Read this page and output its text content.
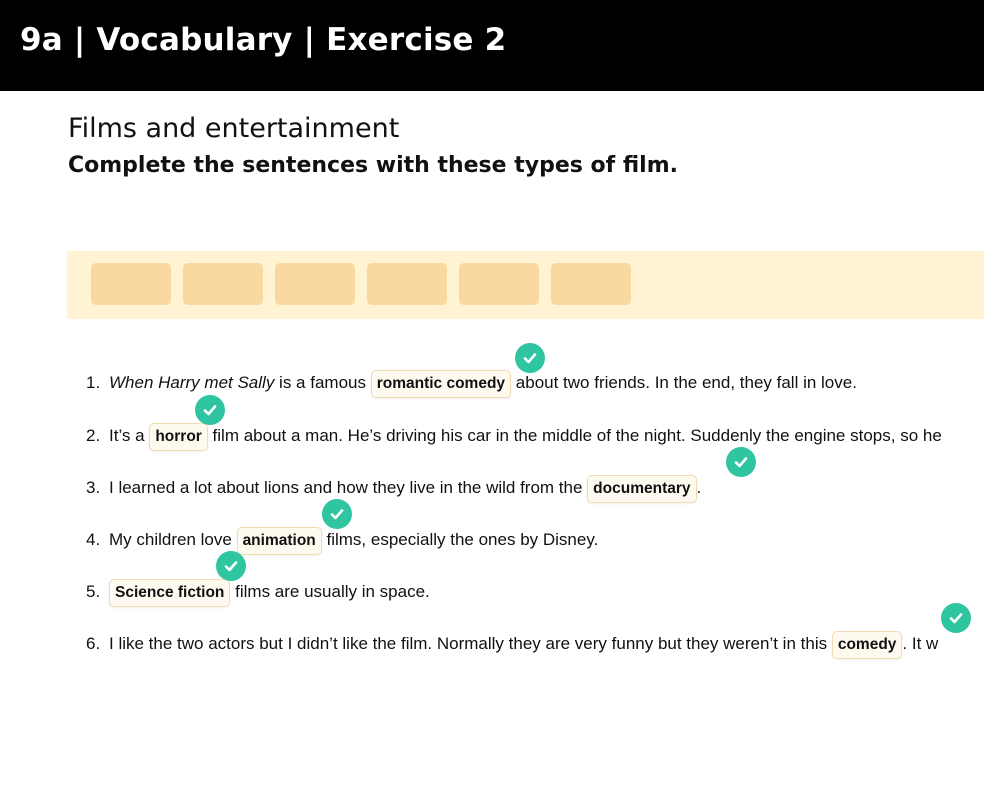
9a | Vocabulary | Exercise 2
Films and entertainment
Complete the sentences with these types of film.
1. When Harry met Sally is a famous romantic comedy about two friends. In the end, they fall in love.
2. It’s a horror film about a man. He’s driving his car in the middle of the night. Suddenly the engine stops, so he
3. I learned a lot about lions and how they live in the wild from the documentary .
4. My children love animation films, especially the ones by Disney.
5. Science fiction films are usually in space.
6. I like the two actors but I didn’t like the film. Normally they are very funny but they weren’t in this comedy . It w
